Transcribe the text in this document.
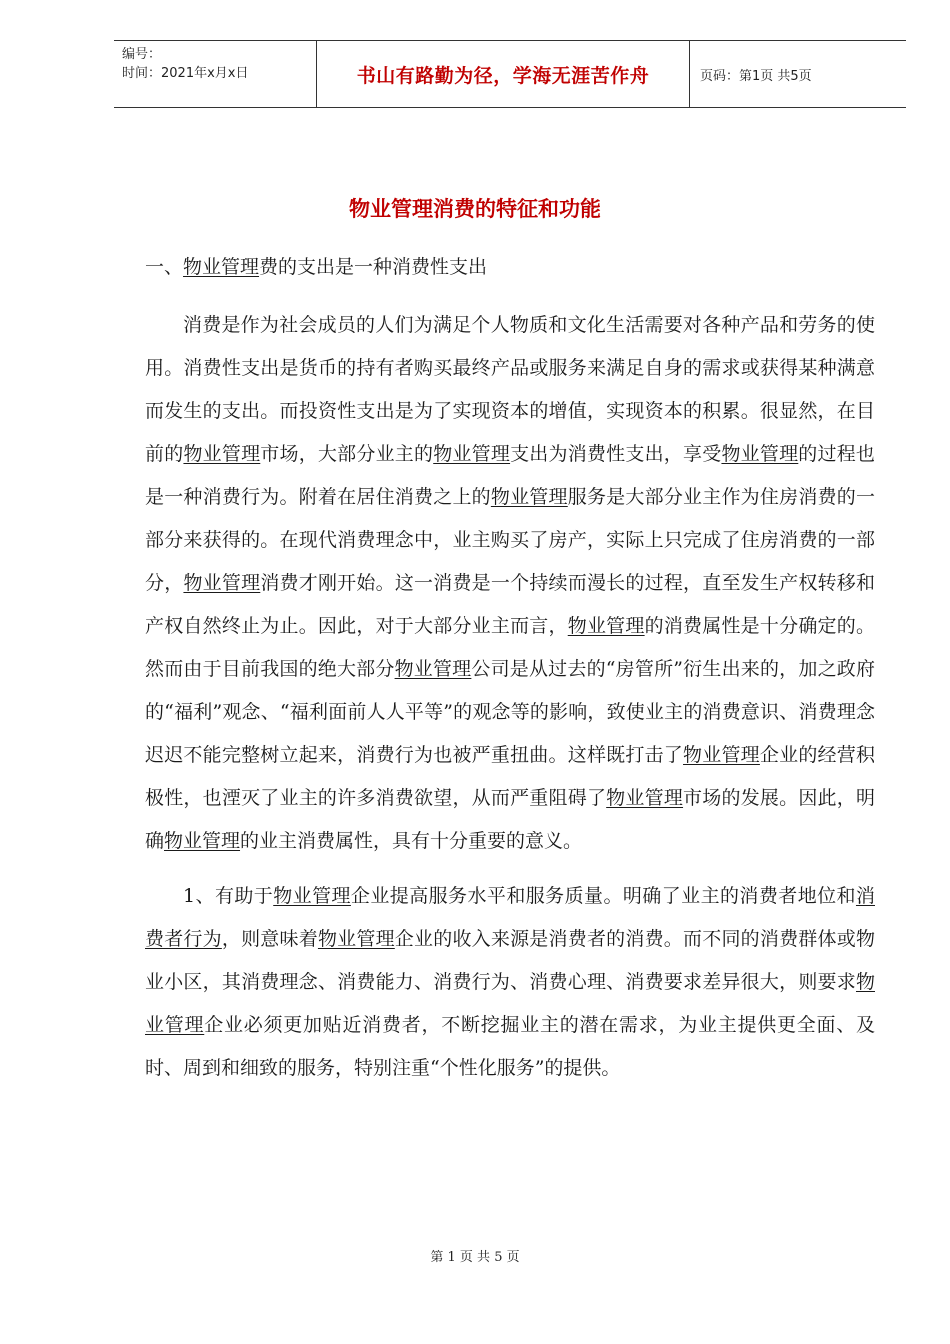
编号：
时间：2021年x月x日	书山有路勤为径，学海无涯苦作舟	页码：第1页 共5页
物业管理消费的特征和功能

一、物业管理费的支出是一种消费性支出

消费是作为社会成员的人们为满足个人物质和文化生活需要对各种产品和劳务的使用。消费性支出是货币的持有者购买最终产品或服务来满足自身的需求或获得某种满意而发生的支出。而投资性支出是为了实现资本的增值，实现资本的积累。很显然，在目前的物业管理市场，大部分业主的物业管理支出为消费性支出，享受物业管理的过程也是一种消费行为。附着在居住消费之上的物业管理服务是大部分业主作为住房消费的一部分来获得的。在现代消费理念中，业主购买了房产，实际上只完成了住房消费的一部分，物业管理消费才刚开始。这一消费是一个持续而漫长的过程，直至发生产权转移和产权自然终止为止。因此，对于大部分业主而言，物业管理的消费属性是十分确定的。然而由于目前我国的绝大部分物业管理公司是从过去的“房管所”衍生出来的，加之政府的“福利”观念、“福利面前人人平等”的观念等的影响，致使业主的消费意识、消费理念迟迟不能完整树立起来，消费行为也被严重扭曲。这样既打击了物业管理企业的经营积极性，也湮灭了业主的许多消费欲望，从而严重阻碍了物业管理市场的发展。因此，明确物业管理的业主消费属性，具有十分重要的意义。

1、有助于物业管理企业提高服务水平和服务质量。明确了业主的消费者地位和消费者行为，则意味着物业管理企业的收入来源是消费者的消费。而不同的消费群体或物业小区，其消费理念、消费能力、消费行为、消费心理、消费要求差异很大，则要求物业管理企业必须更加贴近消费者，不断挖掘业主的潜在需求，为业主提供更全面、及时、周到和细致的服务，特别注重“个性化服务”的提供。

第 1 页 共 5 页
